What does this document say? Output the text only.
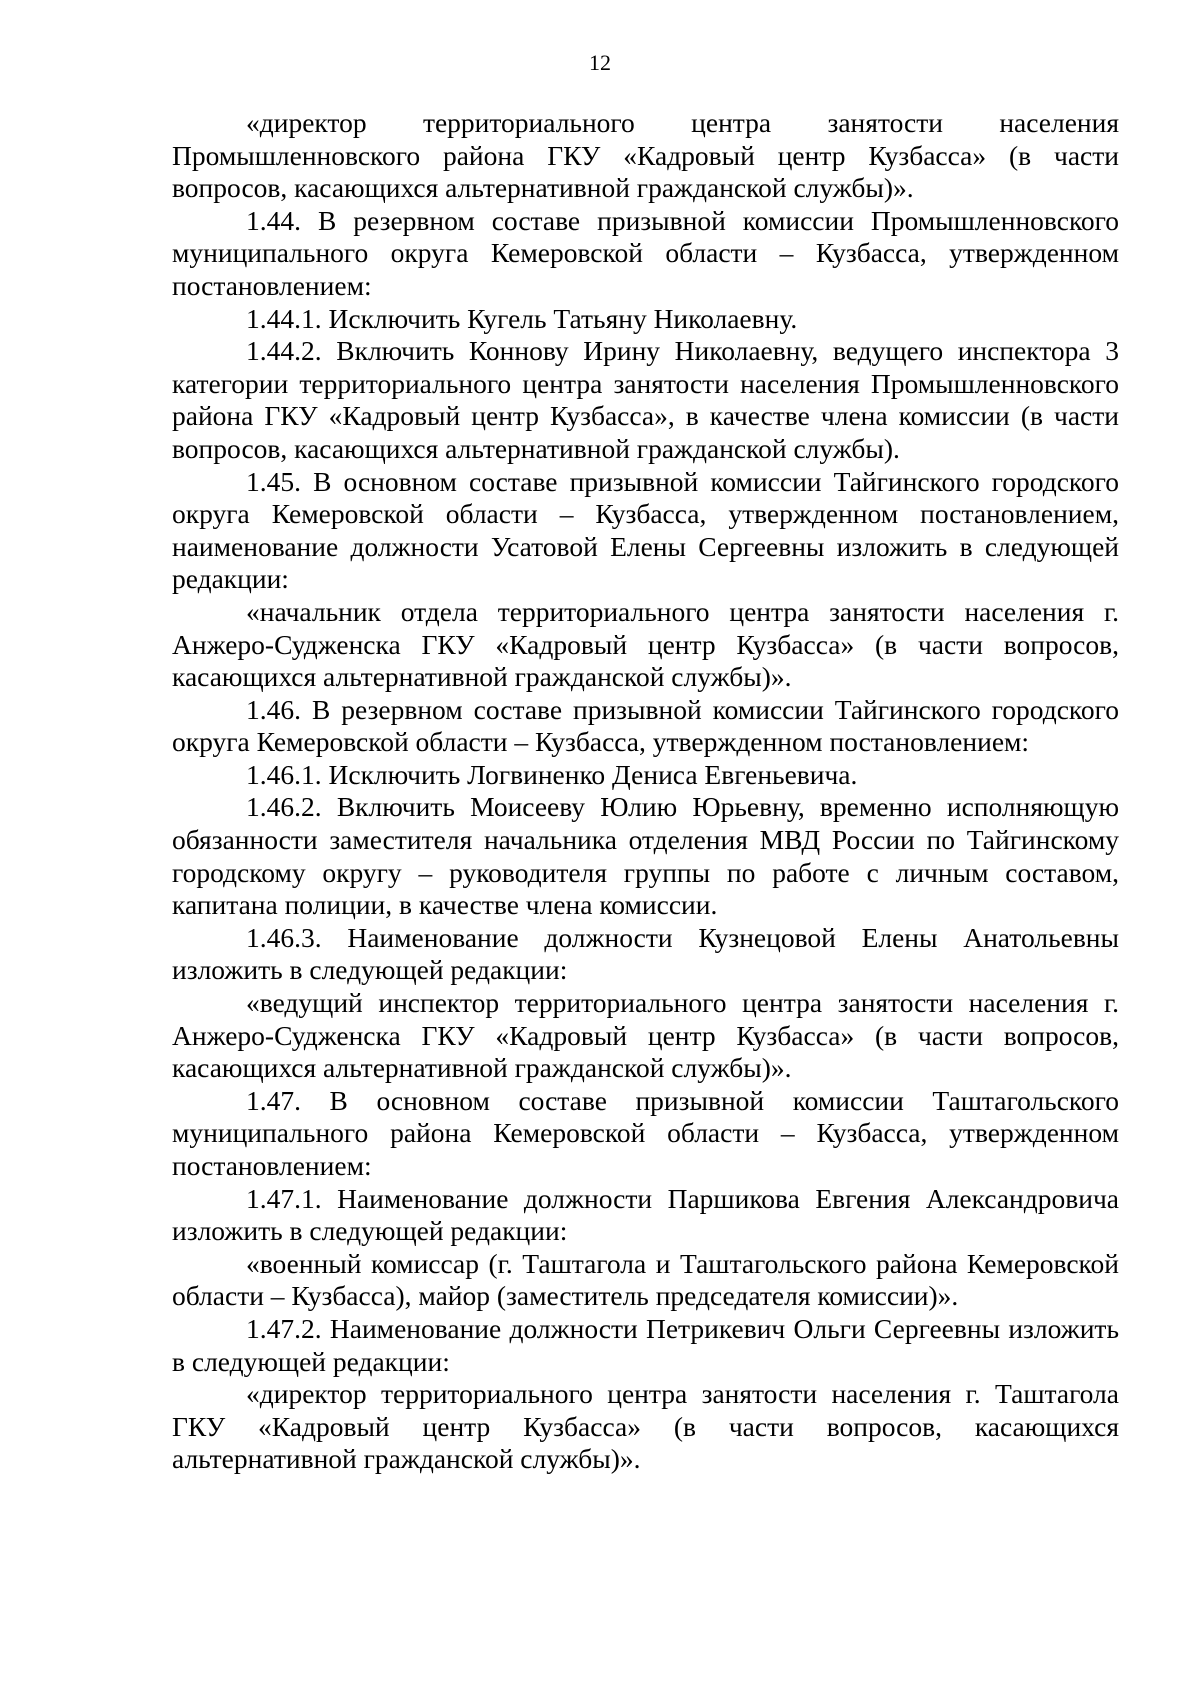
12

«директор территориального центра занятости населения Промышленновского района ГКУ «Кадровый центр Кузбасса» (в части вопросов, касающихся альтернативной гражданской службы)».

1.44. В резервном составе призывной комиссии Промышленновского муниципального округа Кемеровской области – Кузбасса, утвержденном постановлением:

1.44.1. Исключить Кугель Татьяну Николаевну.

1.44.2. Включить Коннову Ирину Николаевну, ведущего инспектора 3 категории территориального центра занятости населения Промышленновского района ГКУ «Кадровый центр Кузбасса», в качестве члена комиссии (в части вопросов, касающихся альтернативной гражданской службы).

1.45. В основном составе призывной комиссии Тайгинского городского округа Кемеровской области – Кузбасса, утвержденном постановлением, наименование должности Усатовой Елены Сергеевны изложить в следующей редакции:

«начальник отдела территориального центра занятости населения г. Анжеро-Судженска ГКУ «Кадровый центр Кузбасса» (в части вопросов, касающихся альтернативной гражданской службы)».

1.46. В резервном составе призывной комиссии Тайгинского городского округа Кемеровской области – Кузбасса, утвержденном постановлением:

1.46.1. Исключить Логвиненко Дениса Евгеньевича.

1.46.2. Включить Моисееву Юлию Юрьевну, временно исполняющую обязанности заместителя начальника отделения МВД России по Тайгинскому городскому округу – руководителя группы по работе с личным составом, капитана полиции, в качестве члена комиссии.

1.46.3. Наименование должности Кузнецовой Елены Анатольевны изложить в следующей редакции:

«ведущий инспектор территориального центра занятости населения г. Анжеро-Судженска ГКУ «Кадровый центр Кузбасса» (в части вопросов, касающихся альтернативной гражданской службы)».

1.47. В основном составе призывной комиссии Таштагольского муниципального района Кемеровской области – Кузбасса, утвержденном постановлением:

1.47.1. Наименование должности Паршикова Евгения Александровича изложить в следующей редакции:

«военный комиссар (г. Таштагола и Таштагольского района Кемеровской области – Кузбасса), майор (заместитель председателя комиссии)».

1.47.2. Наименование должности Петрикевич Ольги Сергеевны изложить в следующей редакции:

«директор территориального центра занятости населения г. Таштагола ГКУ «Кадровый центр Кузбасса» (в части вопросов, касающихся альтернативной гражданской службы)».
